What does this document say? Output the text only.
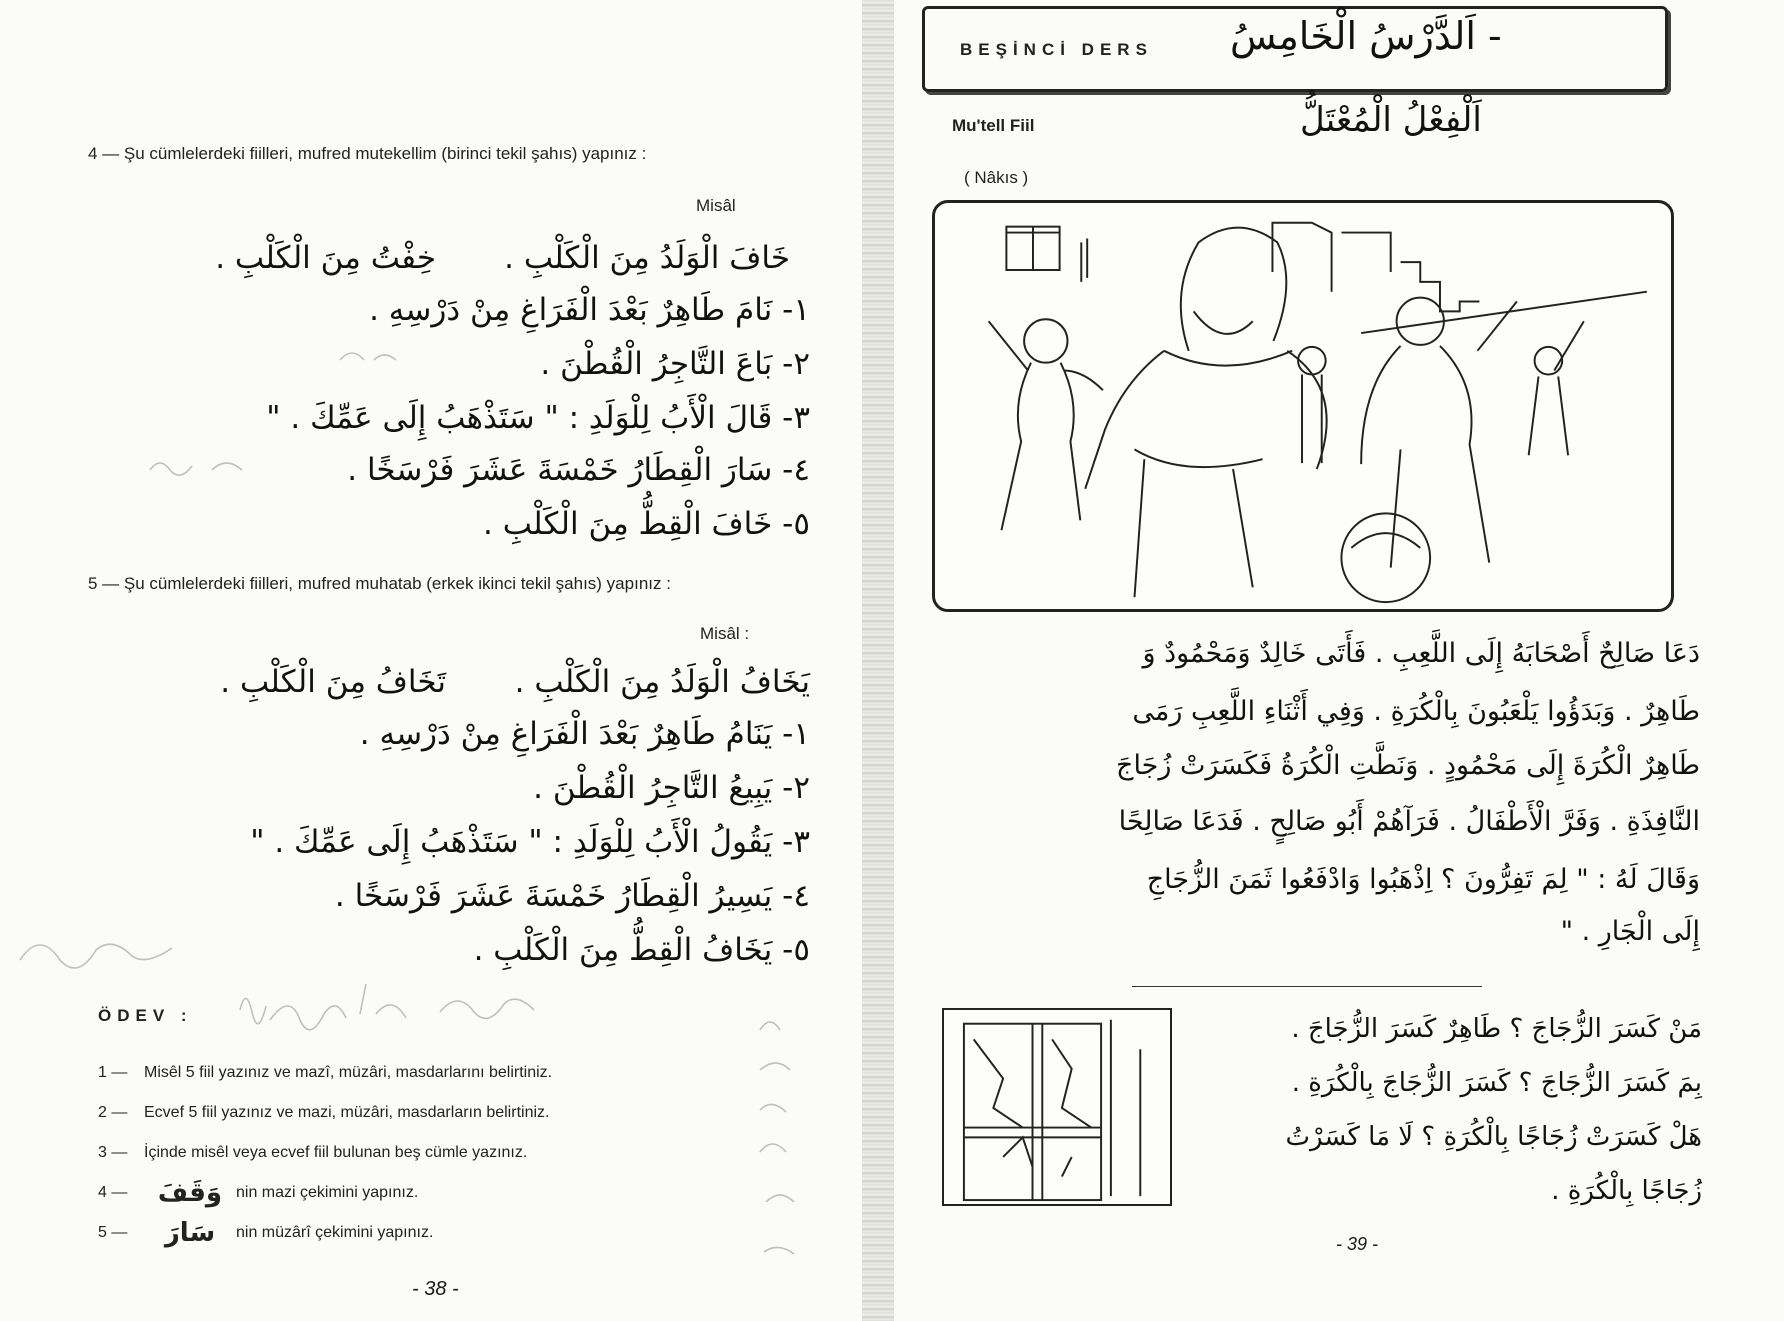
4 — Şu cümlelerdeki fiilleri, mufred mutekellim (birinci tekil şahıs) yapınız :
Misâl
خَافَ الْوَلَدُ مِنَ الْكَلْبِ .
خِفْتُ مِنَ الْكَلْبِ .
١- نَامَ طَاهِرٌ بَعْدَ الْفَرَاغِ مِنْ دَرْسِهِ .
٢- بَاعَ التَّاجِرُ الْقُطْنَ .
٣- قَالَ الْأَبُ لِلْوَلَدِ : " سَتَذْهَبُ إِلَى عَمِّكَ . "
٤- سَارَ الْقِطَارُ خَمْسَةَ عَشَرَ فَرْسَخًا .
٥- خَافَ الْقِطُّ مِنَ الْكَلْبِ .
5 — Şu cümlelerdeki fiilleri, mufred muhatab (erkek ikinci tekil şahıs) yapınız :
Misâl :
يَخَافُ الْوَلَدُ مِنَ الْكَلْبِ .
تَخَافُ مِنَ الْكَلْبِ .
١- يَنَامُ طَاهِرٌ بَعْدَ الْفَرَاغِ مِنْ دَرْسِهِ .
٢- يَبِيعُ التَّاجِرُ الْقُطْنَ .
٣- يَقُولُ الْأَبُ لِلْوَلَدِ : " سَتَذْهَبُ إِلَى عَمِّكَ . "
٤- يَسِيرُ الْقِطَارُ خَمْسَةَ عَشَرَ فَرْسَخًا .
٥- يَخَافُ الْقِطُّ مِنَ الْكَلْبِ .
ÖDEV :
1 — Misêl 5 fiil yazınız ve mazî, müzâri, masdarlarını belirtiniz.
2 — Ecvef 5 fiil yazınız ve mazi, müzâri, masdarların belirtiniz.
3 — İçinde misêl veya ecvef fiil bulunan beş cümle yazınız.
4 — وَقَفَ nin mazi çekimini yapınız.
5 — سَارَ nin müzârî çekimini yapınız.
- 38 -
BEŞİNCİ DERS - اَلدَّرْسُ الْخَامِسُ
Mu'tell Fiil	اَلْفِعْلُ الْمُعْتَلُّ
( Nâkıs )
دَعَا صَالِحٌ أَصْحَابَهُ إِلَى اللَّعِبِ . فَأَتَى خَالِدٌ وَمَحْمُودٌ وَ
طَاهِرٌ . وَبَدَؤُوا يَلْعَبُونَ بِالْكُرَةِ . وَفِي أَثْنَاءِ اللَّعِبِ رَمَى
طَاهِرٌ الْكُرَةَ إِلَى مَحْمُودٍ . وَنَطَّتِ الْكُرَةُ فَكَسَرَتْ زُجَاجَ
النَّافِذَةِ . وَفَرَّ الْأَطْفَالُ . فَرَآهُمْ أَبُو صَالِحٍ . فَدَعَا صَالِحًا
وَقَالَ لَهُ : " لِمَ تَفِرُّونَ ؟ اِذْهَبُوا وَادْفَعُوا ثَمَنَ الزُّجَاجِ
إِلَى الْجَارِ . "
مَنْ كَسَرَ الزُّجَاجَ ؟ طَاهِرٌ كَسَرَ الزُّجَاجَ .
بِمَ كَسَرَ الزُّجَاجَ ؟ كَسَرَ الزُّجَاجَ بِالْكُرَةِ .
هَلْ كَسَرَتْ زُجَاجًا بِالْكُرَةِ ؟ لَا مَا كَسَرْتُ
زُجَاجًا بِالْكُرَةِ .
- 39 -
